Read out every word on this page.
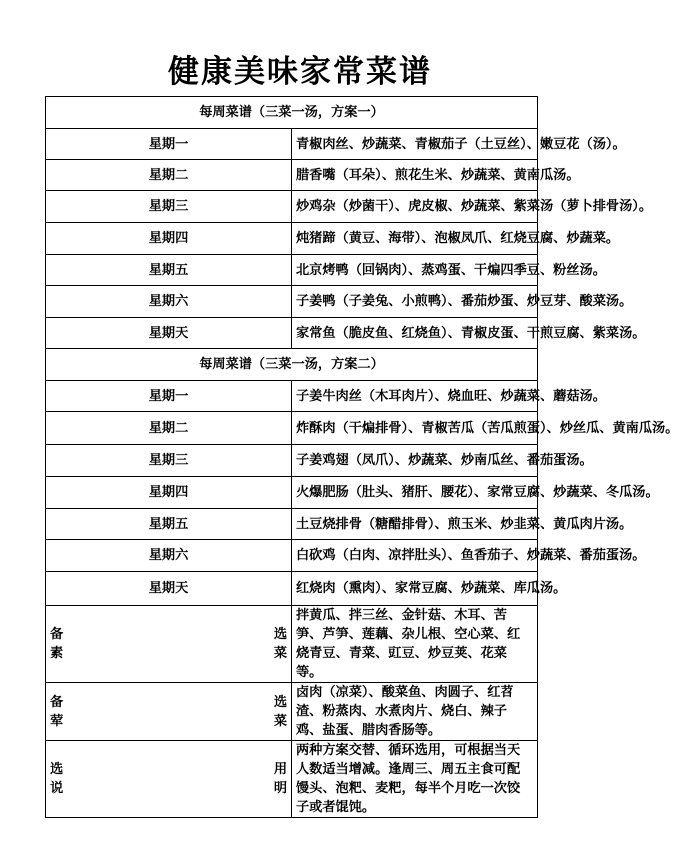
健康美味家常菜谱
每周菜谱（三菜一汤，方案一）	
星期一	青椒肉丝、炒蔬菜、青椒茄子（土豆丝）、嫩豆花（汤）。
星期二	腊香嘴（耳朵）、煎花生米、炒蔬菜、黄南瓜汤。
星期三	炒鸡杂（炒菌干）、虎皮椒、炒蔬菜、紫菜汤（萝卜排骨汤）。
星期四	炖猪蹄（黄豆、海带）、泡椒凤爪、红烧豆腐、炒蔬菜。
星期五	北京烤鸭（回锅肉）、蒸鸡蛋、干煸四季豆、粉丝汤。
星期六	子姜鸭（子姜兔、小煎鸭）、番茄炒蛋、炒豆芽、酸菜汤。
星期天	家常鱼（脆皮鱼、红烧鱼）、青椒皮蛋、干煎豆腐、紫菜汤。
每周菜谱（三菜一汤，方案二）	
星期一	子姜牛肉丝（木耳肉片）、烧血旺、炒蔬菜、蘑菇汤。
星期二	炸酥肉（干煸排骨）、青椒苦瓜（苦瓜煎蛋）、炒丝瓜、黄南瓜汤。
星期三	子姜鸡翅（凤爪）、炒蔬菜、炒南瓜丝、番茄蛋汤。
星期四	火爆肥肠（肚头、猪肝、腰花）、家常豆腐、炒蔬菜、冬瓜汤。
星期五	土豆烧排骨（糖醋排骨）、煎玉米、炒韭菜、黄瓜肉片汤。
星期六	白砍鸡（白肉、凉拌肚头）、鱼香茄子、炒蔬菜、番茄蛋汤。
星期天	红烧肉（熏肉）、家常豆腐、炒蔬菜、库瓜汤。

备 选
素 菜	拌黄瓜、拌三丝、金针菇、木耳、苦笋、芦笋、莲藕、杂儿根、空心菜、红烧青豆、青菜、豇豆、炒豆荚、花菜等。

备 选
荤 菜	卤肉（凉菜）、酸菜鱼、肉圆子、红苕渣、粉蒸肉、水煮肉片、烧白、辣子鸡、盐蛋、腊肉香肠等。

选 用
说 明	两种方案交替、循环选用，可根据当天人数适当增减。逢周三、周五主食可配馒头、泡粑、麦粑，每半个月吃一次饺子或者馄饨。
